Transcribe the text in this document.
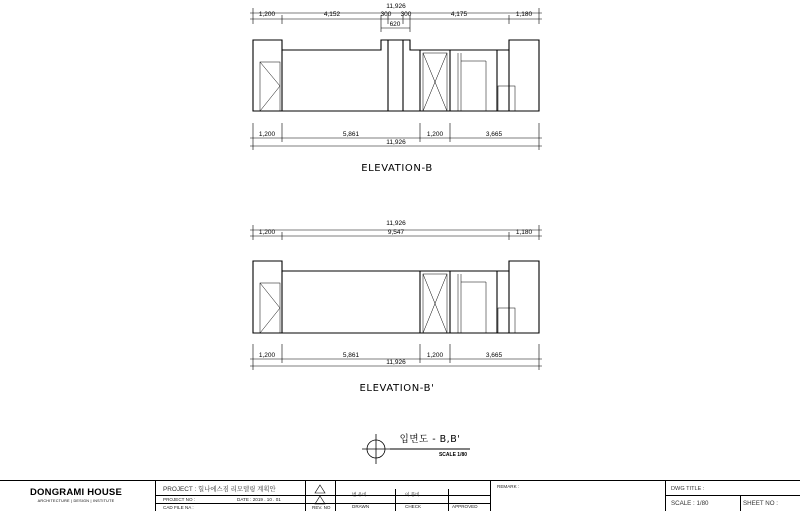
11,926
1,200	4,152	300 300	4,175	1,180
620
1,200	5,861	1,200	3,665
11,926
ELEVATION-B
11,926
1,200	9,547	1,180
1,200	5,861	1,200	3,665
11,926
ELEVATION-B'
입면도 - B,B'
SCALE 1/80
DONGRAMI HOUSE
ARCHITECTURE | DESIGN | INSTITUTE
PROJECT : 힐나에스짐 리모델링 계획안
PROJECT NO :	DATE : 2019 . 10 . 01
CAD FILE NA :	REV. NO
번 유비
DRAWN
이 풍비
CHECK	APPROVED
REMARK :	DWG TITLE :
SCALE : 1/80	SHEET NO :
